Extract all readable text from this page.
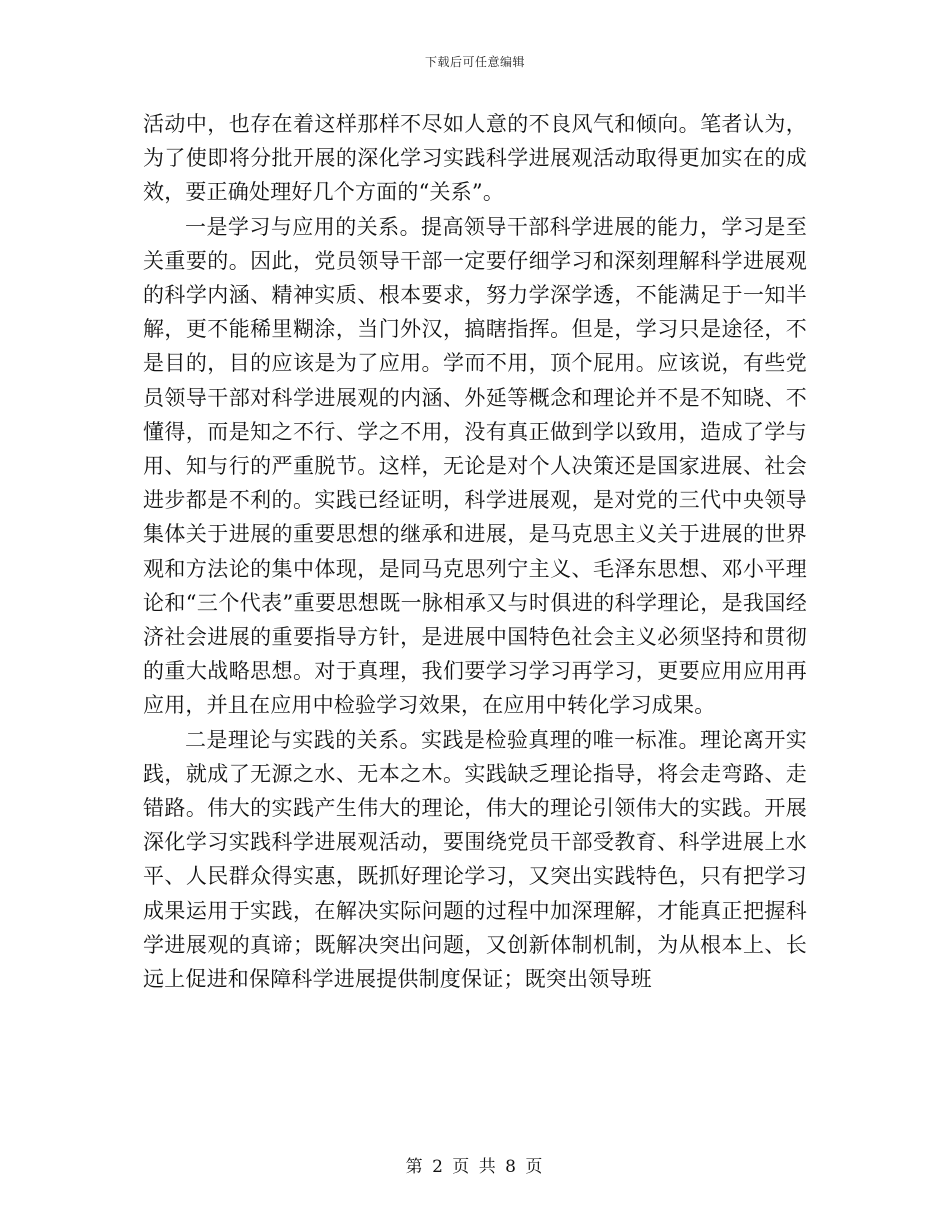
下载后可任意编辑

活动中，也存在着这样那样不尽如人意的不良风气和倾向。笔者认为，为了使即将分批开展的深化学习实践科学进展观活动取得更加实在的成效，要正确处理好几个方面的“关系”。

一是学习与应用的关系。提高领导干部科学进展的能力，学习是至关重要的。因此，党员领导干部一定要仔细学习和深刻理解科学进展观的科学内涵、精神实质、根本要求，努力学深学透，不能满足于一知半解，更不能稀里糊涂，当门外汉，搞瞎指挥。但是，学习只是途径，不是目的，目的应该是为了应用。学而不用，顶个屁用。应该说，有些党员领导干部对科学进展观的内涵、外延等概念和理论并不是不知晓、不懂得，而是知之不行、学之不用，没有真正做到学以致用，造成了学与用、知与行的严重脱节。这样，无论是对个人决策还是国家进展、社会进步都是不利的。实践已经证明，科学进展观，是对党的三代中央领导集体关于进展的重要思想的继承和进展，是马克思主义关于进展的世界观和方法论的集中体现，是同马克思列宁主义、毛泽东思想、邓小平理论和“三个代表”重要思想既一脉相承又与时俱进的科学理论，是我国经济社会进展的重要指导方针，是进展中国特色社会主义必须坚持和贯彻的重大战略思想。对于真理，我们要学习学习再学习，更要应用应用再应用，并且在应用中检验学习效果，在应用中转化学习成果。

二是理论与实践的关系。实践是检验真理的唯一标准。理论离开实践，就成了无源之水、无本之木。实践缺乏理论指导，将会走弯路、走错路。伟大的实践产生伟大的理论，伟大的理论引领伟大的实践。开展深化学习实践科学进展观活动，要围绕党员干部受教育、科学进展上水平、人民群众得实惠，既抓好理论学习，又突出实践特色，只有把学习成果运用于实践，在解决实际问题的过程中加深理解，才能真正把握科学进展观的真谛；既解决突出问题，又创新体制机制，为从根本上、长远上促进和保障科学进展提供制度保证；既突出领导班

第 2 页 共 8 页
